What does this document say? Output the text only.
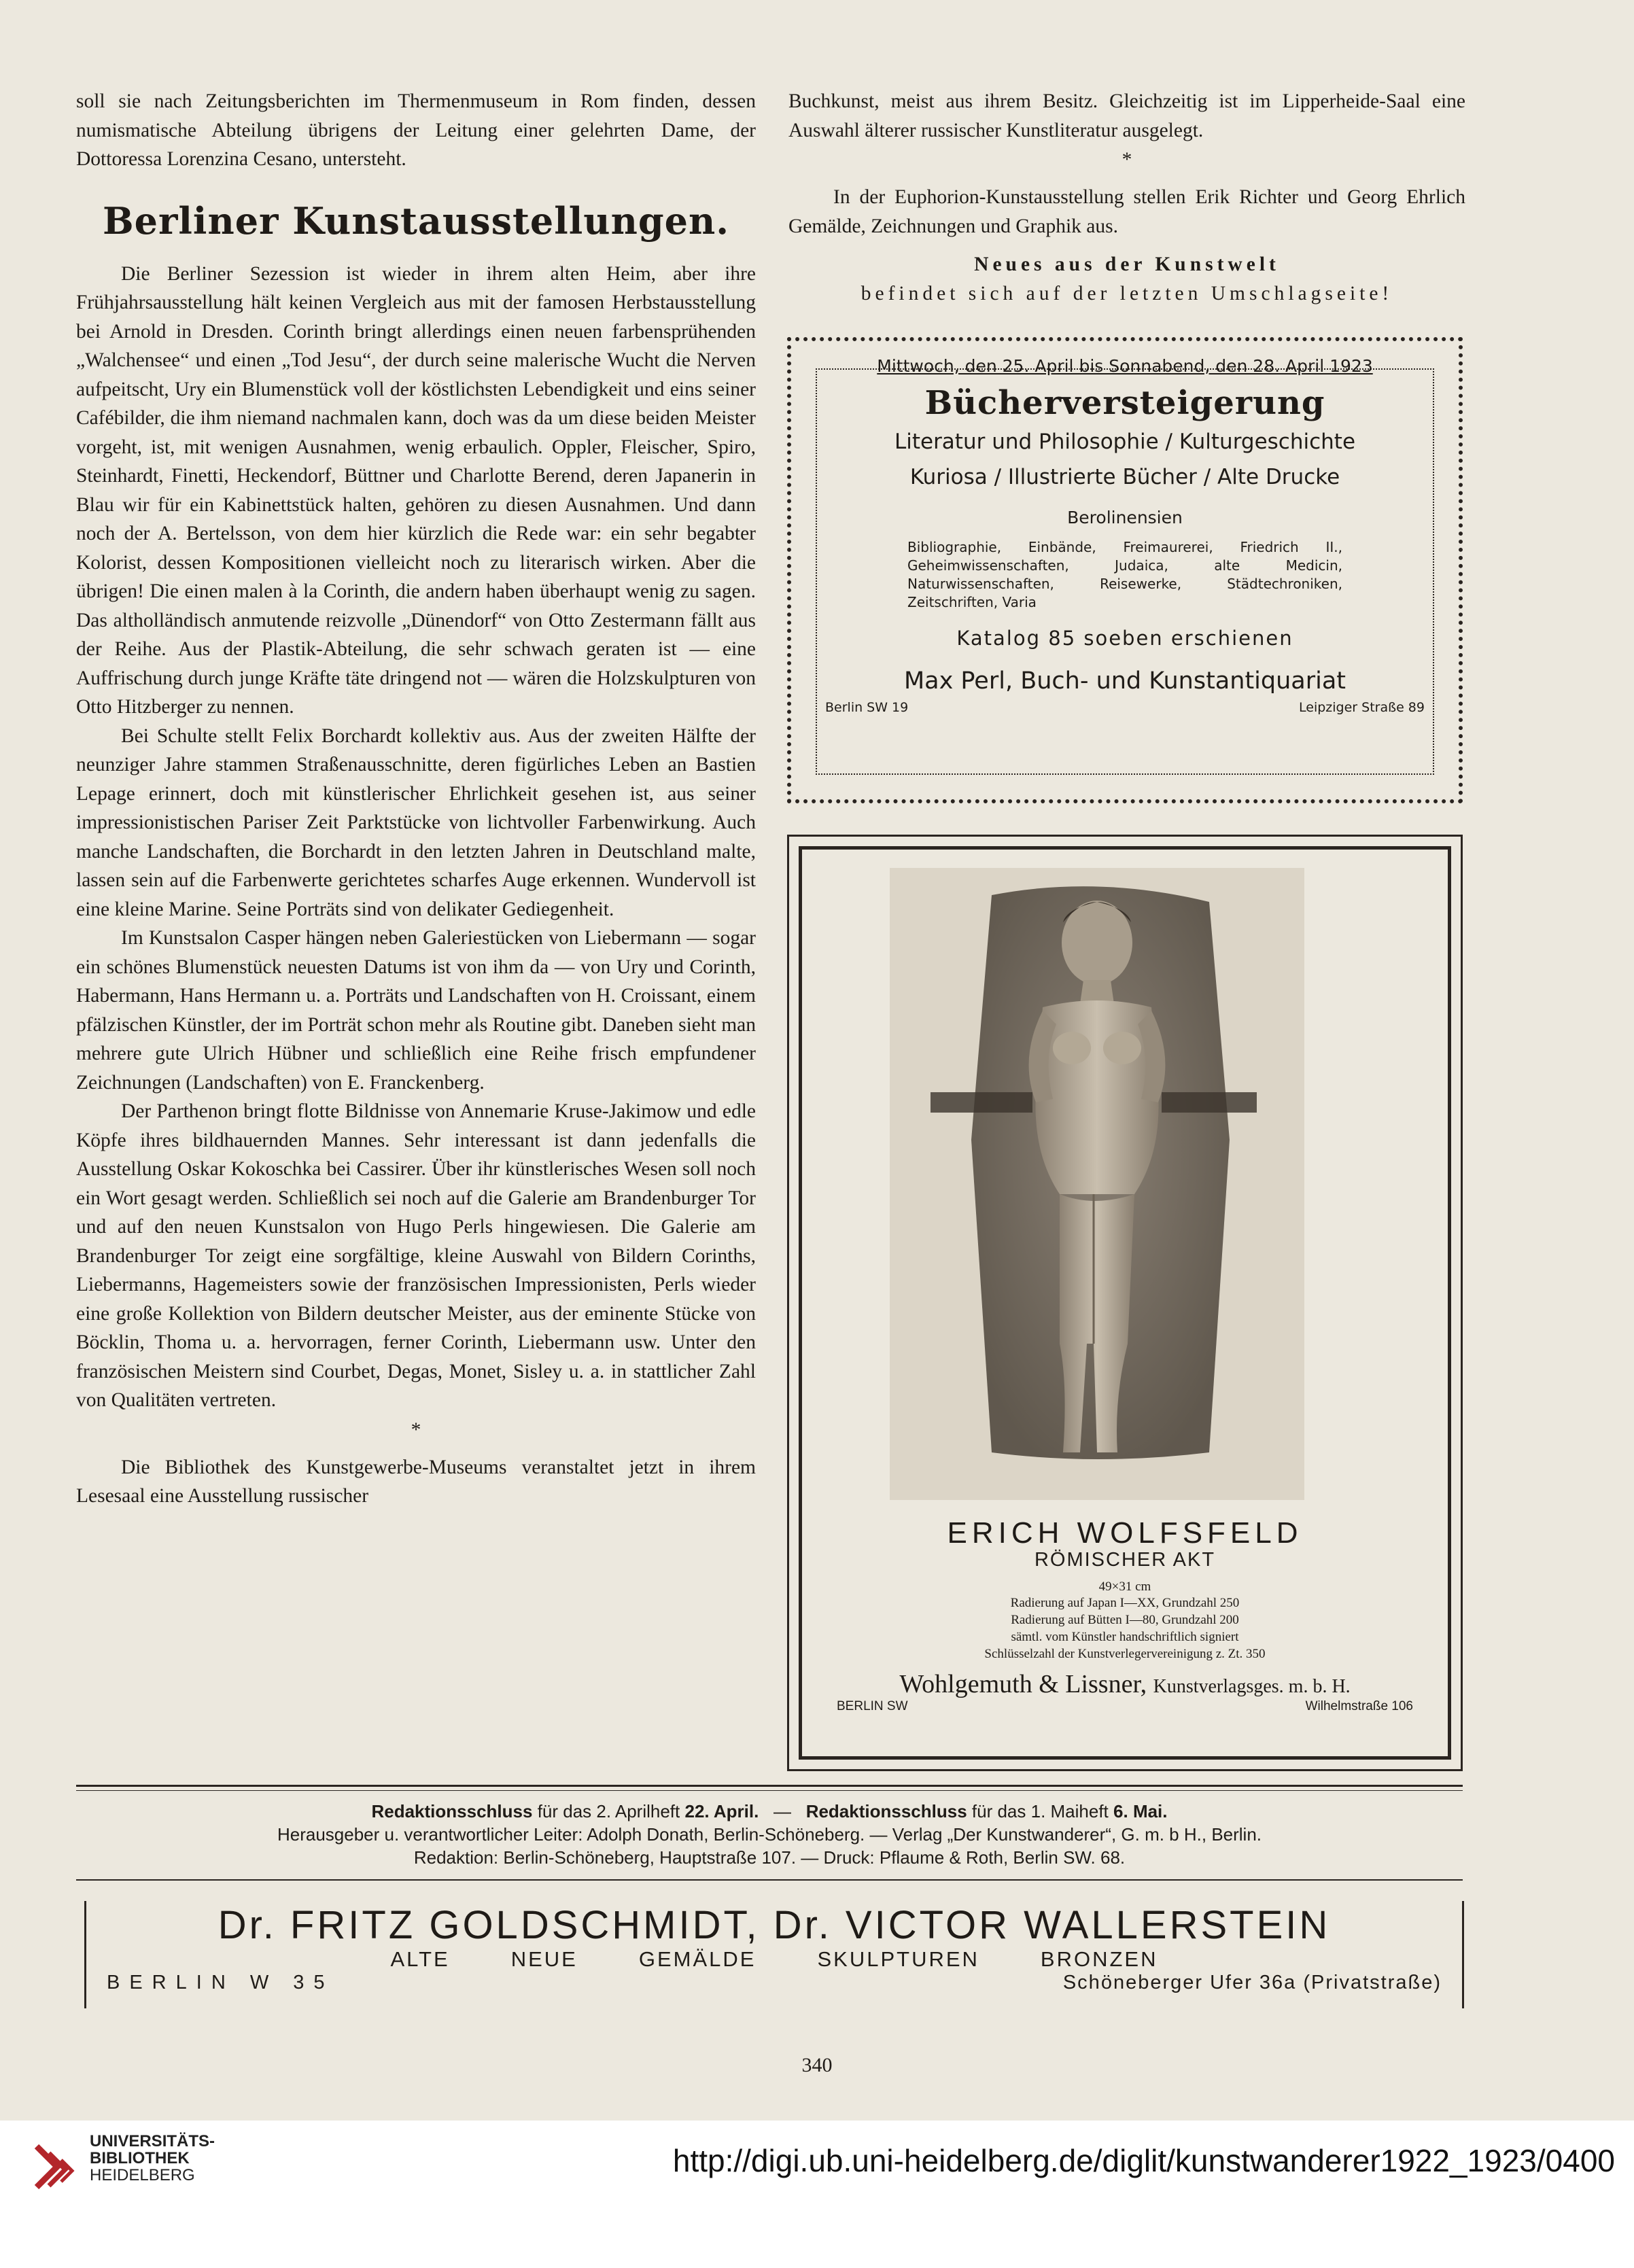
soll sie nach Zeitungsberichten im Thermenmuseum in Rom finden, dessen numismatische Abteilung übrigens der Leitung einer gelehrten Dame, der Dottoressa Lorenzina Cesano, untersteht.

Berliner Kunstausstellungen.

Die Berliner Sezession ist wieder in ihrem alten Heim, aber ihre Frühjahrsausstellung hält keinen Vergleich aus mit der famosen Herbstausstellung bei Arnold in Dresden. Corinth bringt allerdings einen neuen farbensprühenden „Walchensee“ und einen „Tod Jesu“, der durch seine malerische Wucht die Nerven aufpeitscht, Ury ein Blumenstück voll der köstlichsten Lebendigkeit und eins seiner Cafébilder, die ihm niemand nachmalen kann, doch was da um diese beiden Meister vorgeht, ist, mit wenigen Ausnahmen, wenig erbaulich. Oppler, Fleischer, Spiro, Steinhardt, Finetti, Heckendorf, Büttner und Charlotte Berend, deren Japanerin in Blau wir für ein Kabinettstück halten, gehören zu diesen Ausnahmen. Und dann noch der A. Bertelsson, von dem hier kürzlich die Rede war: ein sehr begabter Kolorist, dessen Kompositionen vielleicht noch zu literarisch wirken. Aber die übrigen! Die einen malen à la Corinth, die andern haben überhaupt wenig zu sagen. Das altholländisch anmutende reizvolle „Dünendorf“ von Otto Zestermann fällt aus der Reihe. Aus der Plastik-Abteilung, die sehr schwach geraten ist — eine Auffrischung durch junge Kräfte täte dringend not — wären die Holzskulpturen von Otto Hitzberger zu nennen.

Bei Schulte stellt Felix Borchardt kollektiv aus. Aus der zweiten Hälfte der neunziger Jahre stammen Straßenausschnitte, deren figürliches Leben an Bastien Lepage erinnert, doch mit künstlerischer Ehrlichkeit gesehen ist, aus seiner impressionistischen Pariser Zeit Parktstücke von lichtvoller Farbenwirkung. Auch manche Landschaften, die Borchardt in den letzten Jahren in Deutschland malte, lassen sein auf die Farbenwerte gerichtetes scharfes Auge erkennen. Wundervoll ist eine kleine Marine. Seine Porträts sind von delikater Gediegenheit.

Im Kunstsalon Casper hängen neben Galeriestücken von Liebermann — sogar ein schönes Blumenstück neuesten Datums ist von ihm da — von Ury und Corinth, Habermann, Hans Hermann u. a. Porträts und Landschaften von H. Croissant, einem pfälzischen Künstler, der im Porträt schon mehr als Routine gibt. Daneben sieht man mehrere gute Ulrich Hübner und schließlich eine Reihe frisch empfundener Zeichnungen (Landschaften) von E. Franckenberg.

Der Parthenon bringt flotte Bildnisse von Annemarie Kruse-Jakimow und edle Köpfe ihres bildhauernden Mannes. Sehr interessant ist dann jedenfalls die Ausstellung Oskar Kokoschka bei Cassirer. Über ihr künstlerisches Wesen soll noch ein Wort gesagt werden. Schließlich sei noch auf die Galerie am Brandenburger Tor und auf den neuen Kunstsalon von Hugo Perls hingewiesen. Die Galerie am Brandenburger Tor zeigt eine sorgfältige, kleine Auswahl von Bildern Corinths, Liebermanns, Hagemeisters sowie der französischen Impressionisten, Perls wieder eine große Kollektion von Bildern deutscher Meister, aus der eminente Stücke von Böcklin, Thoma u. a. hervorragen, ferner Corinth, Liebermann usw. Unter den französischen Meistern sind Courbet, Degas, Monet, Sisley u. a. in stattlicher Zahl von Qualitäten vertreten.

*

Die Bibliothek des Kunstgewerbe-Museums veranstaltet jetzt in ihrem Lesesaal eine Ausstellung russischer

Buchkunst, meist aus ihrem Besitz. Gleichzeitig ist im Lipperheide-Saal eine Auswahl älterer russischer Kunstliteratur ausgelegt.

*

In der Euphorion-Kunstausstellung stellen Erik Richter und Georg Ehrlich Gemälde, Zeichnungen und Graphik aus.

Neues aus der Kunstwelt
befindet sich auf der letzten Umschlagseite!
Mittwoch, den 25. April bis Sonnabend, den 28. April 1923
Bücherversteigerung
Literatur und Philosophie / Kulturgeschichte
Kuriosa / Illustrierte Bücher / Alte Drucke
Berolinensien
Bibliographie, Einbände, Freimaurerei, Friedrich II., Geheimwissenschaften, Judaica, alte Medicin, Naturwissenschaften, Reisewerke, Städtechroniken, Zeitschriften, Varia
Katalog 85 soeben erschienen
Max Perl, Buch- und Kunstantiquariat
Berlin SW 19	Leipziger Straße 89
ERICH WOLFSFELD
RÖMISCHER AKT
49×31 cm
Radierung auf Japan I—XX, Grundzahl 250
Radierung auf Bütten I—80, Grundzahl 200
sämtl. vom Künstler handschriftlich signiert
Schlüsselzahl der Kunstverlegervereinigung z. Zt. 350
Wohlgemuth & Lissner, Kunstverlagsges. m. b. H.
BERLIN SW	Wilhelmstraße 106
Redaktionsschluss für das 2. Aprilheft 22. April. — Redaktionsschluss für das 1. Maiheft 6. Mai.
Herausgeber u. verantwortlicher Leiter: Adolph Donath, Berlin-Schöneberg. — Verlag „Der Kunstwanderer“, G. m. b H., Berlin.
Redaktion: Berlin-Schöneberg, Hauptstraße 107. — Druck: Pflaume & Roth, Berlin SW. 68.
Dr. FRITZ GOLDSCHMIDT, Dr. VICTOR WALLERSTEIN
ALTE	NEUE	GEMÄLDE	SKULPTUREN	BRONZEN
BERLIN W 35	Schöneberger Ufer 36a (Privatstraße)
340
UNIVERSITÄTS-
BIBLIOTHEK
HEIDELBERG	http://digi.ub.uni-heidelberg.de/diglit/kunstwanderer1922_1923/0400
